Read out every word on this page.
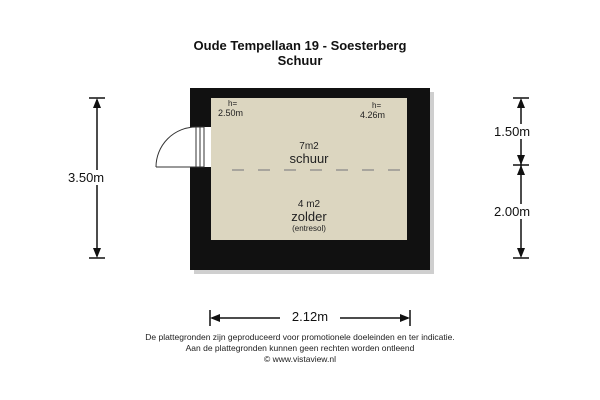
Oude Tempellaan 19 - Soesterberg
Schuur
3.50m
1.50m
2.00m
2.12m
h=
2.50m
h=
4.26m
7m2
schuur
4 m2
zolder
(entresol)
De plattegronden zijn geproduceerd voor promotionele doeleinden en ter indicatie.
Aan de plattegronden kunnen geen rechten worden ontleend
© www.vistaview.nl
